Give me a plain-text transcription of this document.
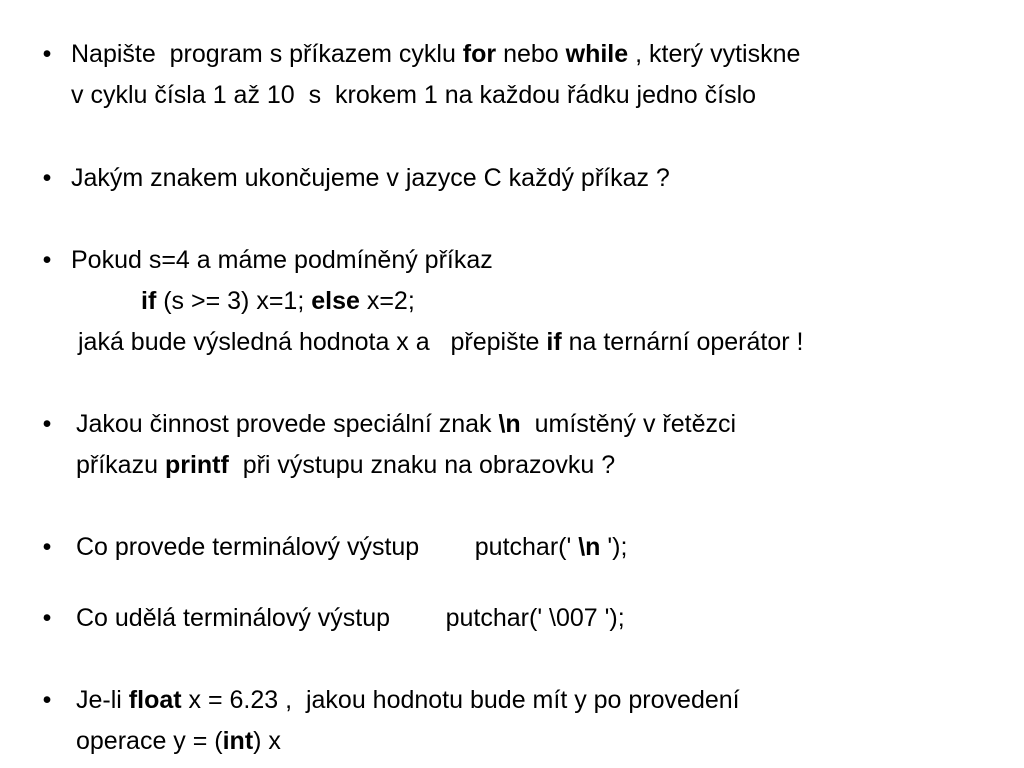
• Napište  program s příkazem cyklu for nebo while , který vytiskne
v cyklu čísla 1 až 10  s  krokem 1 na každou řádku jedno číslo
• Jakým znakem ukončujeme v jazyce C každý příkaz ?
• Pokud s=4 a máme podmíněný příkaz
if (s >= 3) x=1; else x=2;
jaká bude výsledná hodnota x a   přepište if na ternární operátor !
• Jakou činnost provede speciální znak \n  umístěný v řetězci
příkazu printf  při výstupu znaku na obrazovku ?
• Co provede terminálový výstup        putchar(' \n ');
• Co udělá terminálový výstup        putchar(' \007 ');
• Je-li float x = 6.23 ,  jakou hodnotu bude mít y po provedení
operace y = (int) x
